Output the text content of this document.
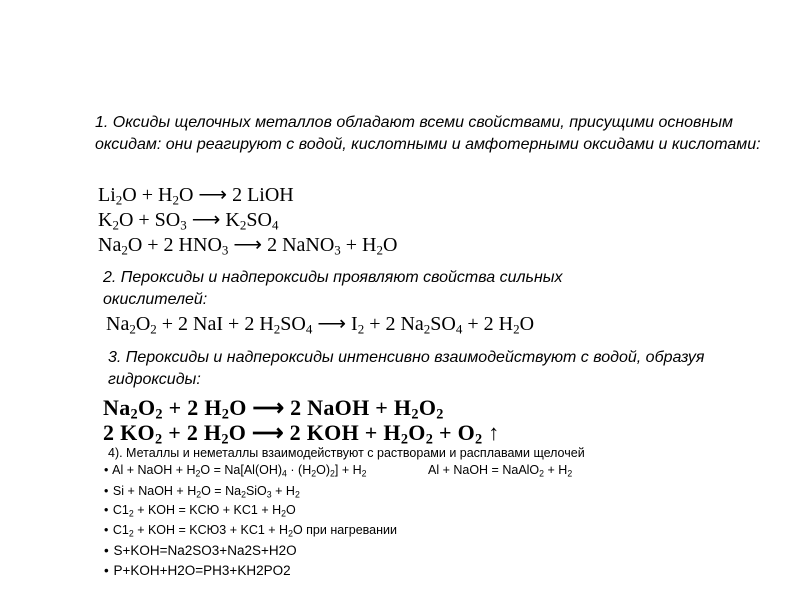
1. Оксиды щелочных металлов обладают всеми свойствами, присущими основным оксидам: они реагируют с водой, кислотными и амфотерными оксидами и кислотами:

$Li_2O + H_2O$ ⟶ 2 LiOH
$K_2O + SO_3$ ⟶ $K_2SO_4$
$Na_2O + 2$ $HNO_3$ ⟶ 2 NaNO$_3$ + $H_2O$

2. Пероксиды и надпероксиды проявляют свойства сильных окислителей:

$Na_2O_2 + 2$ NaI + 2 $H_2SO_4$ ⟶ $I_2 + 2$ $Na_2SO_4 + 2$ $H_2O$

3. Пероксиды и надпероксиды интенсивно взаимодействуют с водой, образуя гидроксиды:

$Na_2O_2 + 2$ $H_2O$ ⟶ 2 NaOH + $H_2O_2$
2 $KO_2 + 2$ $H_2O$ ⟶ 2 KOH + $H_2O_2 + O_2$ ↑
4). Металлы и неметаллы взаимодействуют с растворами и расплавами щелочей
• Al + NaOH + $H_2O = Na[Al(OH)_4 \cdot (H_2O)_2] + H_2$	Al + NaOH = NaAlO$_2$ + $H_2$
• Si + NaOH + $H_2O = Na_2SiO_3 + H_2$
• $C1_2$ + KOH = KCЮ + $KC1 + H_2O$
• $C1_2$ + KOH = $KCЮ3 + KC1 + H_2O$ при нагревании
• S+KOH=Na2SO3+Na2S+H2O
• P+KOH+H2O=PH3+KH2PO2
